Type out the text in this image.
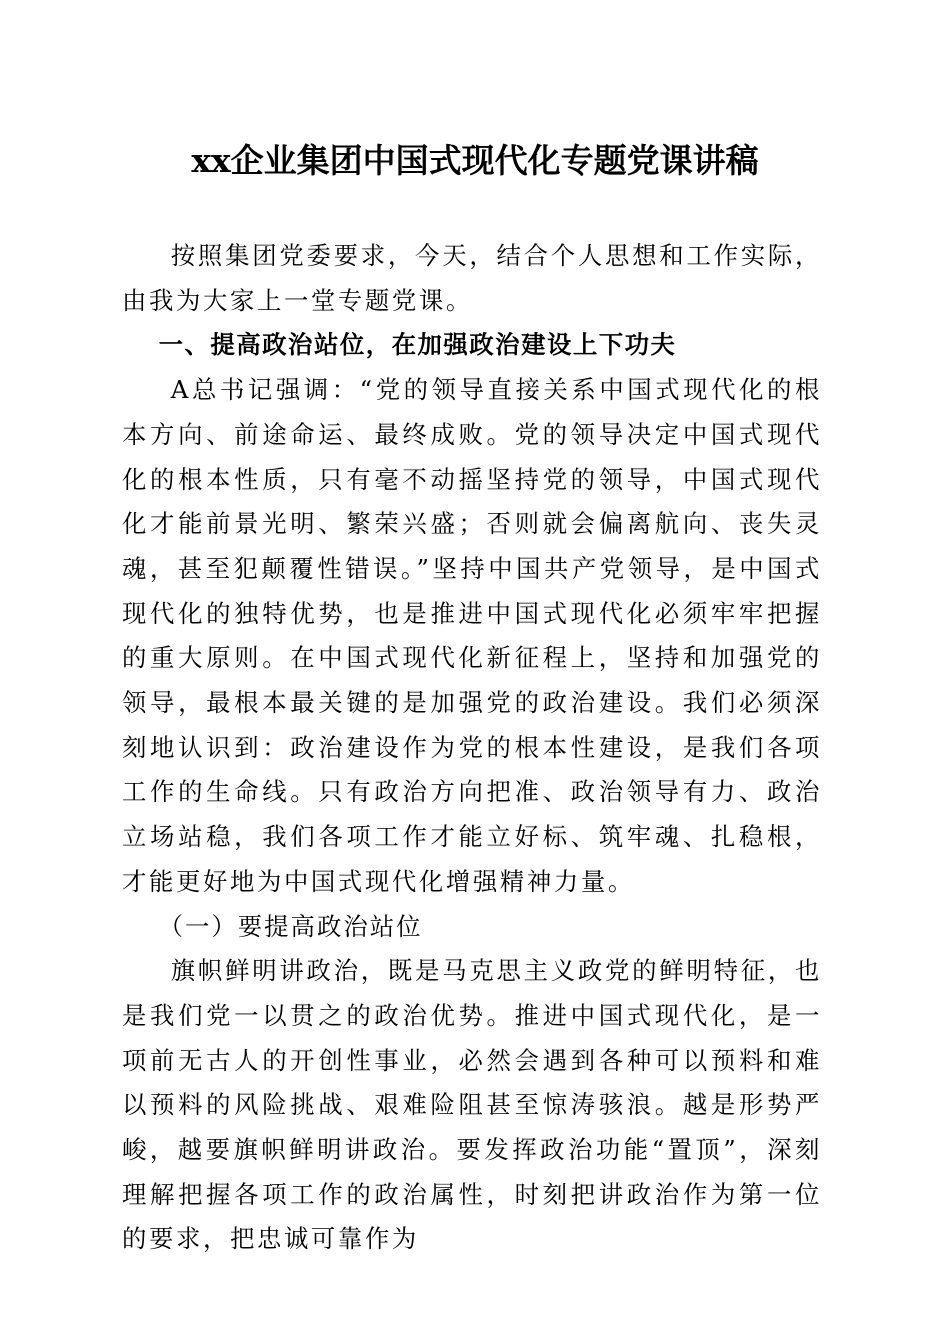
xx企业集团中国式现代化专题党课讲稿

按照集团党委要求，今天，结合个人思想和工作实际，由我为大家上一堂专题党课。

一、提高政治站位，在加强政治建设上下功夫

A总书记强调：“党的领导直接关系中国式现代化的根本方向、前途命运、最终成败。党的领导决定中国式现代化的根本性质，只有毫不动摇坚持党的领导，中国式现代化才能前景光明、繁荣兴盛；否则就会偏离航向、丧失灵魂，甚至犯颠覆性错误。”坚持中国共产党领导，是中国式现代化的独特优势，也是推进中国式现代化必须牢牢把握的重大原则。在中国式现代化新征程上，坚持和加强党的领导，最根本最关键的是加强党的政治建设。我们必须深刻地认识到：政治建设作为党的根本性建设，是我们各项工作的生命线。只有政治方向把准、政治领导有力、政治立场站稳，我们各项工作才能立好标、筑牢魂、扎稳根，才能更好地为中国式现代化增强精神力量。

（一）要提高政治站位

旗帜鲜明讲政治，既是马克思主义政党的鲜明特征，也是我们党一以贯之的政治优势。推进中国式现代化，是一项前无古人的开创性事业，必然会遇到各种可以预料和难以预料的风险挑战、艰难险阻甚至惊涛骇浪。越是形势严峻，越要旗帜鲜明讲政治。要发挥政治功能“置顶”，深刻理解把握各项工作的政治属性，时刻把讲政治作为第一位的要求，把忠诚可靠作为
